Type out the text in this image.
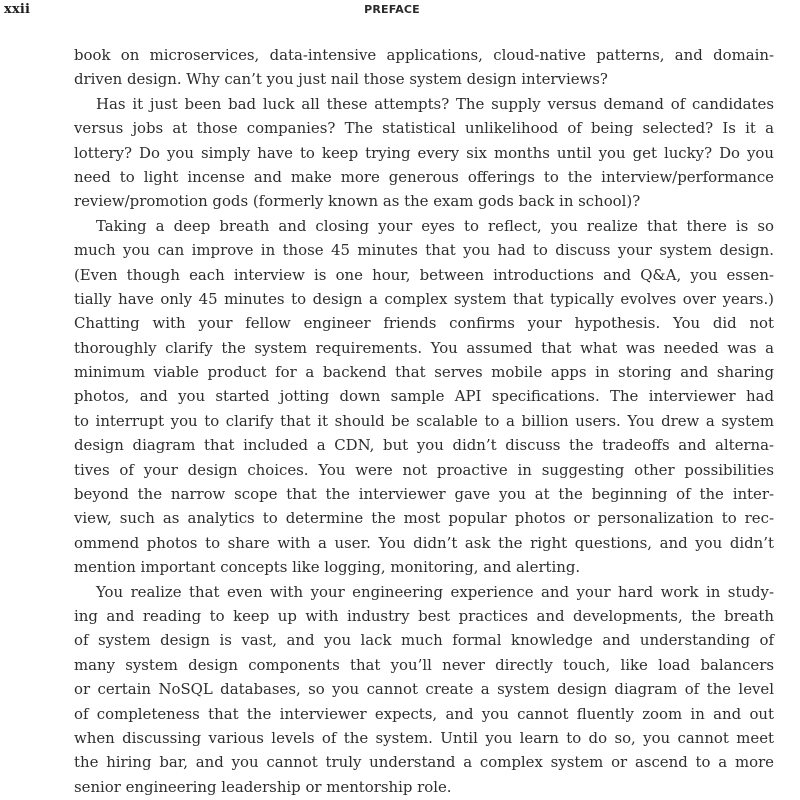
xxii	PREFACE
book on microservices, data-intensive applications, cloud-native patterns, and domain-
driven design. Why can’t you just nail those system design interviews?
Has it just been bad luck all these attempts? The supply versus demand of candidates
versus jobs at those companies? The statistical unlikelihood of being selected? Is it a
lottery? Do you simply have to keep trying every six months until you get lucky? Do you
need to light incense and make more generous offerings to the interview/performance
review/promotion gods (formerly known as the exam gods back in school)?
Taking a deep breath and closing your eyes to reflect, you realize that there is so
much you can improve in those 45 minutes that you had to discuss your system design.
(Even though each interview is one hour, between introductions and Q&A, you essen-
tially have only 45 minutes to design a complex system that typically evolves over years.)
Chatting with your fellow engineer friends confirms your hypothesis. You did not
thoroughly clarify the system requirements. You assumed that what was needed was a
minimum viable product for a backend that serves mobile apps in storing and sharing
photos, and you started jotting down sample API specifications. The interviewer had
to interrupt you to clarify that it should be scalable to a billion users. You drew a system
design diagram that included a CDN, but you didn’t discuss the tradeoffs and alterna-
tives of your design choices. You were not proactive in suggesting other possibilities
beyond the narrow scope that the interviewer gave you at the beginning of the inter-
view, such as analytics to determine the most popular photos or personalization to rec-
ommend photos to share with a user. You didn’t ask the right questions, and you didn’t
mention important concepts like logging, monitoring, and alerting.
You realize that even with your engineering experience and your hard work in study-
ing and reading to keep up with industry best practices and developments, the breath
of system design is vast, and you lack much formal knowledge and understanding of
many system design components that you’ll never directly touch, like load balancers
or certain NoSQL databases, so you cannot create a system design diagram of the level
of completeness that the interviewer expects, and you cannot fluently zoom in and out
when discussing various levels of the system. Until you learn to do so, you cannot meet
the hiring bar, and you cannot truly understand a complex system or ascend to a more
senior engineering leadership or mentorship role.
